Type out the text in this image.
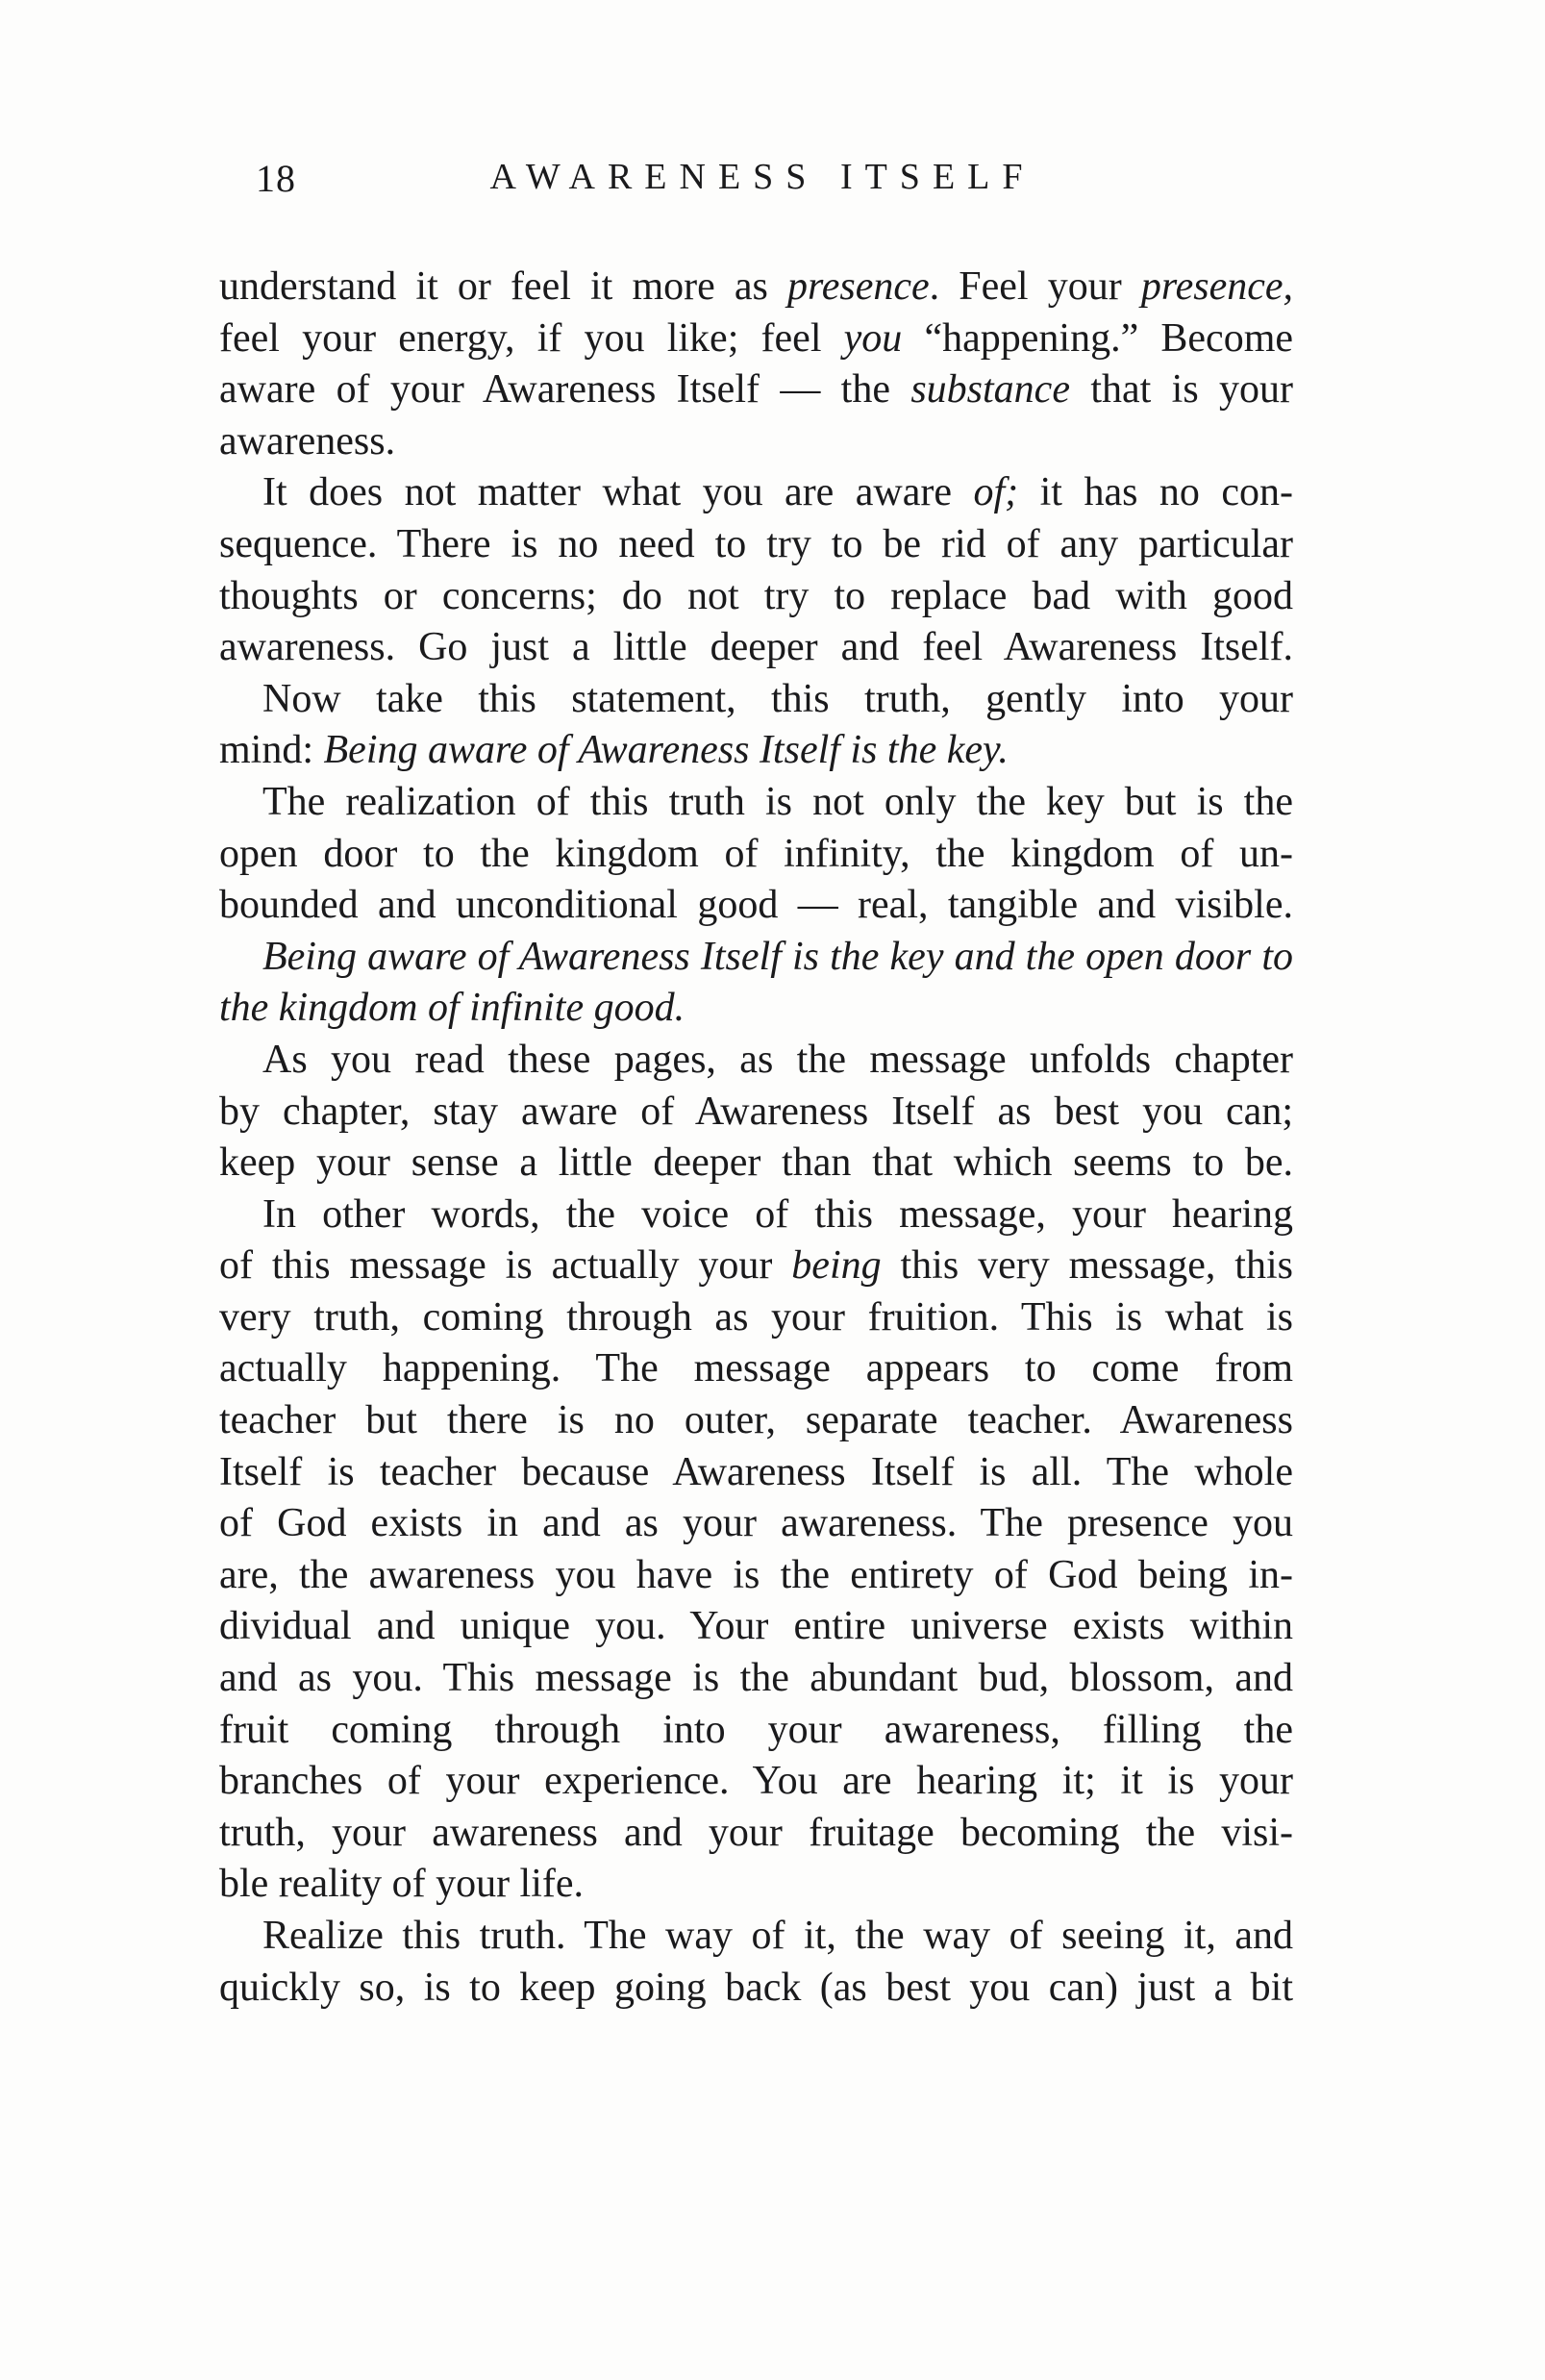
18	AWARENESS ITSELF
understand it or feel it more as presence. Feel your presence,
feel your energy, if you like; feel you “happening.” Become
aware of your Awareness Itself — the substance that is your
awareness.
It does not matter what you are aware of; it has no con-
sequence. There is no need to try to be rid of any particular
thoughts or concerns; do not try to replace bad with good
awareness. Go just a little deeper and feel Awareness Itself.
Now take this statement, this truth, gently into your
mind: Being aware of Awareness Itself is the key.
The realization of this truth is not only the key but is the
open door to the kingdom of infinity, the kingdom of un-
bounded and unconditional good — real, tangible and visible.
Being aware of Awareness Itself is the key and the open door to
the kingdom of infinite good.
As you read these pages, as the message unfolds chapter
by chapter, stay aware of Awareness Itself as best you can;
keep your sense a little deeper than that which seems to be.
In other words, the voice of this message, your hearing
of this message is actually your being this very message, this
very truth, coming through as your fruition. This is what is
actually happening. The message appears to come from
teacher but there is no outer, separate teacher. Awareness
Itself is teacher because Awareness Itself is all. The whole
of God exists in and as your awareness. The presence you
are, the awareness you have is the entirety of God being in-
dividual and unique you. Your entire universe exists within
and as you. This message is the abundant bud, blossom, and
fruit coming through into your awareness, filling the
branches of your experience. You are hearing it; it is your
truth, your awareness and your fruitage becoming the visi-
ble reality of your life.
Realize this truth. The way of it, the way of seeing it, and
quickly so, is to keep going back (as best you can) just a bit
